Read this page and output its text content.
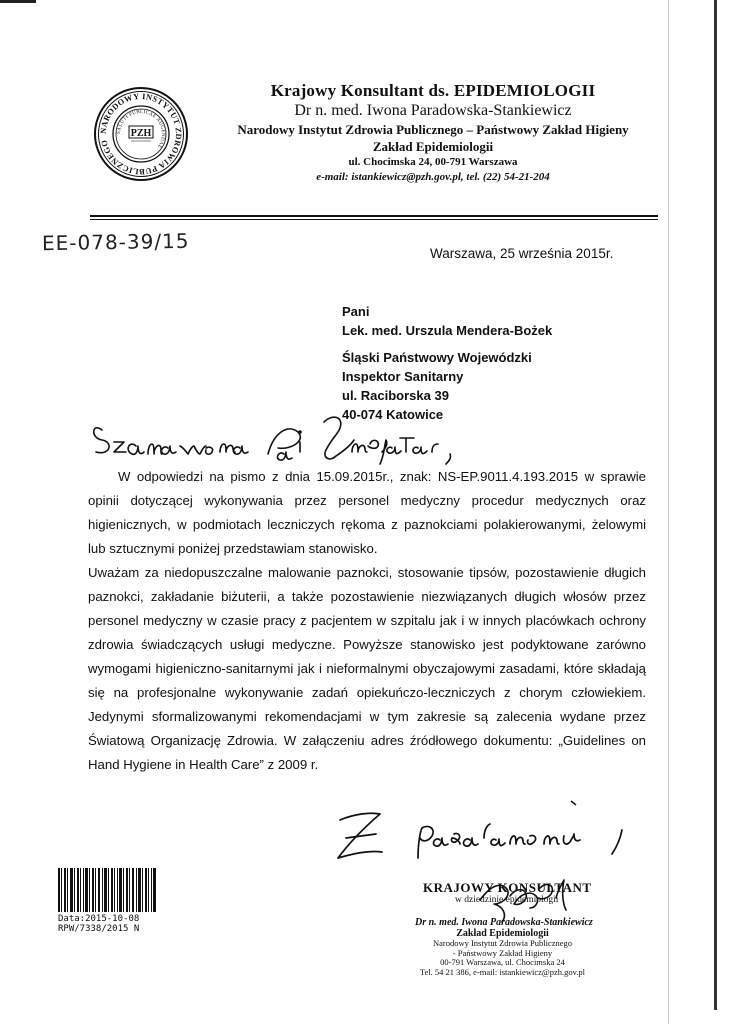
NARODOWY INSTYTUT ZDROWIA PUBLICZNEGO
SALUTI PUBLICAE AUGENDAE
PZH
Krajowy Konsultant ds. EPIDEMIOLOGII
Dr n. med. Iwona Paradowska-Stankiewicz
Narodowy Instytut Zdrowia Publicznego – Państwowy Zakład Higieny
Zakład Epidemiologii
ul. Chocimska 24, 00-791 Warszawa
e-mail: istankiewicz@pzh.gov.pl, tel. (22) 54-21-204
EE-078-39/15	Warszawa, 25 września 2015r.
Pani
Lek. med. Urszula Mendera-Bożek
Śląski Państwowy Wojewódzki
Inspektor Sanitarny
ul. Raciborska 39
40-074 Katowice

W odpowiedzi na pismo z dnia 15.09.2015r., znak: NS-EP.9011.4.193.2015 w sprawie opinii dotyczącej wykonywania przez personel medyczny procedur medycznych oraz higienicznych, w podmiotach leczniczych rękoma z paznokciami polakierowanymi, żelowymi lub sztucznymi poniżej przedstawiam stanowisko.

Uważam za niedopuszczalne malowanie paznokci, stosowanie tipsów, pozostawienie długich paznokci, zakładanie biżuterii, a także pozostawienie niezwiązanych długich włosów przez personel medyczny w czasie pracy z pacjentem w szpitalu jak i w innych placówkach ochrony zdrowia świadczących usługi medyczne. Powyższe stanowisko jest podyktowane zarówno wymogami higieniczno-sanitarnymi jak i nieformalnymi obyczajowymi zasadami, które składają się na profesjonalne wykonywanie zadań opiekuńczo-leczniczych z chorym człowiekiem. Jedynymi sformalizowanymi rekomendacjami w tym zakresie są zalecenia wydane przez Światową Organizację Zdrowia. W załączeniu adres źródłowego dokumentu: „Guidelines on Hand Hygiene in Health Care” z 2009 r.

Data:2015-10-08
RPW/7338/2015 N
KRAJOWY KONSULTANT
w dziedzinie epidemiologii
Dr n. med. Iwona Paradowska-Stankiewicz
Zakład Epidemiologii
Narodowy Instytut Zdrowia Publicznego
- Państwowy Zakład Higieny
00-791 Warszawa, ul. Chocimska 24
Tel. 54 21 386, e-mail: istankiewicz@pzh.gov.pl
